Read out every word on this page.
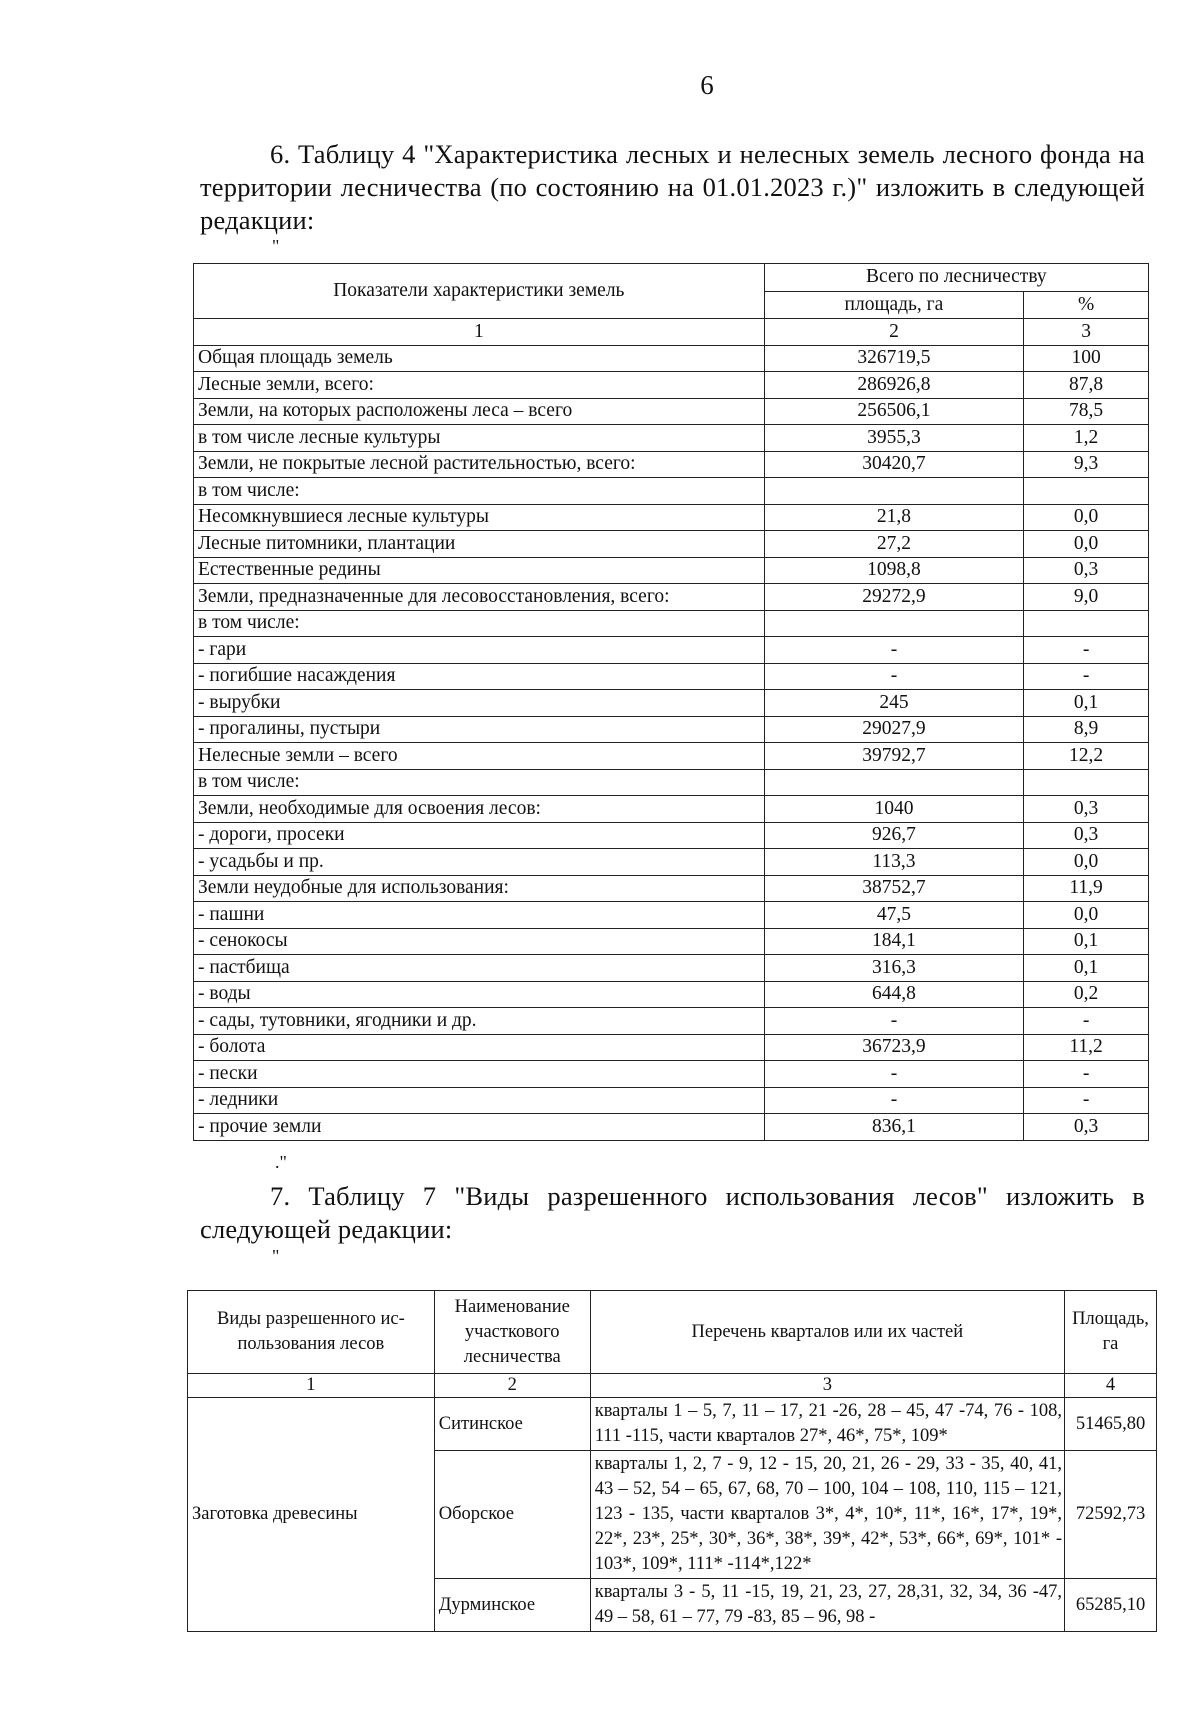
6
6. Таблицу 4 "Характеристика лесных и нелесных земель лесного фонда на территории лесничества (по состоянию на 01.01.2023 г.)" изложить в следующей редакции:
"
Показатели характеристики земель	Всего по лесничеству	
	площадь, га	%
1	2	3
Общая площадь земель	326719,5	100
Лесные земли, всего:	286926,8	87,8
Земли, на которых расположены леса – всего	256506,1	78,5
в том числе лесные культуры	3955,3	1,2
Земли, не покрытые лесной растительностью, всего:	30420,7	9,3
в том числе:		
Несомкнувшиеся лесные культуры	21,8	0,0
Лесные питомники, плантации	27,2	0,0
Естественные редины	1098,8	0,3
Земли, предназначенные для лесовосстановления, всего:	29272,9	9,0
в том числе:		
- гари	-	-
- погибшие насаждения	-	-
- вырубки	245	0,1
- прогалины, пустыри	29027,9	8,9
Нелесные земли – всего	39792,7	12,2
в том числе:		
Земли, необходимые для освоения лесов:	1040	0,3
- дороги, просеки	926,7	0,3
- усадьбы и пр.	113,3	0,0
Земли неудобные для использования:	38752,7	11,9
- пашни	47,5	0,0
- сенокосы	184,1	0,1
- пастбища	316,3	0,1
- воды	644,8	0,2
- сады, тутовники, ягодники и др.	-	-
- болота	36723,9	11,2
- пески	-	-
- ледники	-	-
- прочие земли	836,1	0,3
."
7. Таблицу 7 "Виды разрешенного использования лесов" изложить в следующей редакции:
"
Виды разрешенного ис-пользования лесов	Наименование участкового лесничества	Перечень кварталов или их частей	Площадь, га
1	2	3	4
Заготовка древесины	Ситинское	кварталы 1 – 5, 7, 11 – 17, 21 -26, 28 – 45, 47 -74, 76 - 108, 111 -115, части кварталов 27*, 46*, 75*, 109*	51465,80
	Оборское	кварталы 1, 2, 7 - 9, 12 - 15, 20, 21, 26 - 29, 33 - 35, 40, 41, 43 – 52, 54 – 65, 67, 68, 70 – 100, 104 – 108, 110, 115 – 121, 123 - 135, части кварталов 3*, 4*, 10*, 11*, 16*, 17*, 19*, 22*, 23*, 25*, 30*, 36*, 38*, 39*, 42*, 53*, 66*, 69*, 101* - 103*, 109*, 111* -114*,122*	72592,73
	Дурминское	кварталы 3 - 5, 11 -15, 19, 21, 23, 27, 28,31, 32, 34, 36 -47, 49 – 58, 61 – 77, 79 -83, 85 – 96, 98 -	65285,10
